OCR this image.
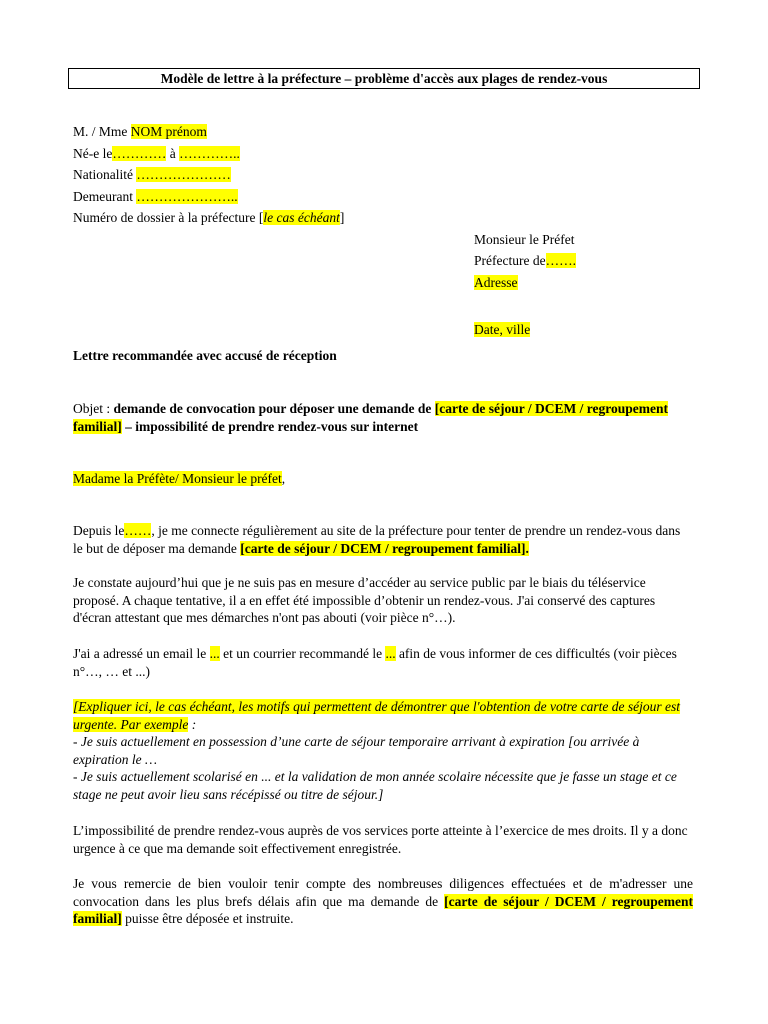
Modèle de lettre à la préfecture – problème d'accès aux plages de rendez-vous
M. / Mme NOM prénom
Né-e le………… à …………..
Nationalité …………………
Demeurant …………………..
Numéro de dossier à la préfecture [le cas échéant]
Monsieur le Préfet
Préfecture de…….
Adresse
Date, ville
Lettre recommandée avec accusé de réception
Objet : demande de convocation pour déposer une demande de [carte de séjour / DCEM / regroupement familial] – impossibilité de prendre rendez-vous sur internet
Madame la Préfète/ Monsieur le préfet,
Depuis le……, je me connecte régulièrement au site de la préfecture pour tenter de prendre un rendez-vous dans le but de déposer ma demande [carte de séjour / DCEM / regroupement familial].
Je constate aujourd’hui que je ne suis pas en mesure d’accéder au service public par le biais du téléservice proposé. A chaque tentative, il a en effet été impossible d’obtenir un rendez-vous. J'ai conservé des captures d'écran attestant que mes démarches n'ont pas abouti (voir pièce n°…).
J'ai a adressé un email le ... et un courrier recommandé le ... afin de vous informer de ces difficultés (voir pièces n°…, … et ...)
[Expliquer ici, le cas échéant, les motifs qui permettent de démontrer que l'obtention de votre carte de séjour est urgente. Par exemple :
- Je suis actuellement en possession d’une carte de séjour temporaire arrivant à expiration [ou arrivée à expiration le …
- Je suis actuellement scolarisé en ... et la validation de mon année scolaire nécessite que je fasse un stage et ce stage ne peut avoir lieu sans récépissé ou titre de séjour.]
L’impossibilité de prendre rendez-vous auprès de vos services porte atteinte à l’exercice de mes droits. Il y a donc urgence à ce que ma demande soit effectivement enregistrée.
Je vous remercie de bien vouloir tenir compte des nombreuses diligences effectuées et de m'adresser une convocation dans les plus brefs délais afin que ma demande de [carte de séjour / DCEM / regroupement familial] puisse être déposée et instruite.
